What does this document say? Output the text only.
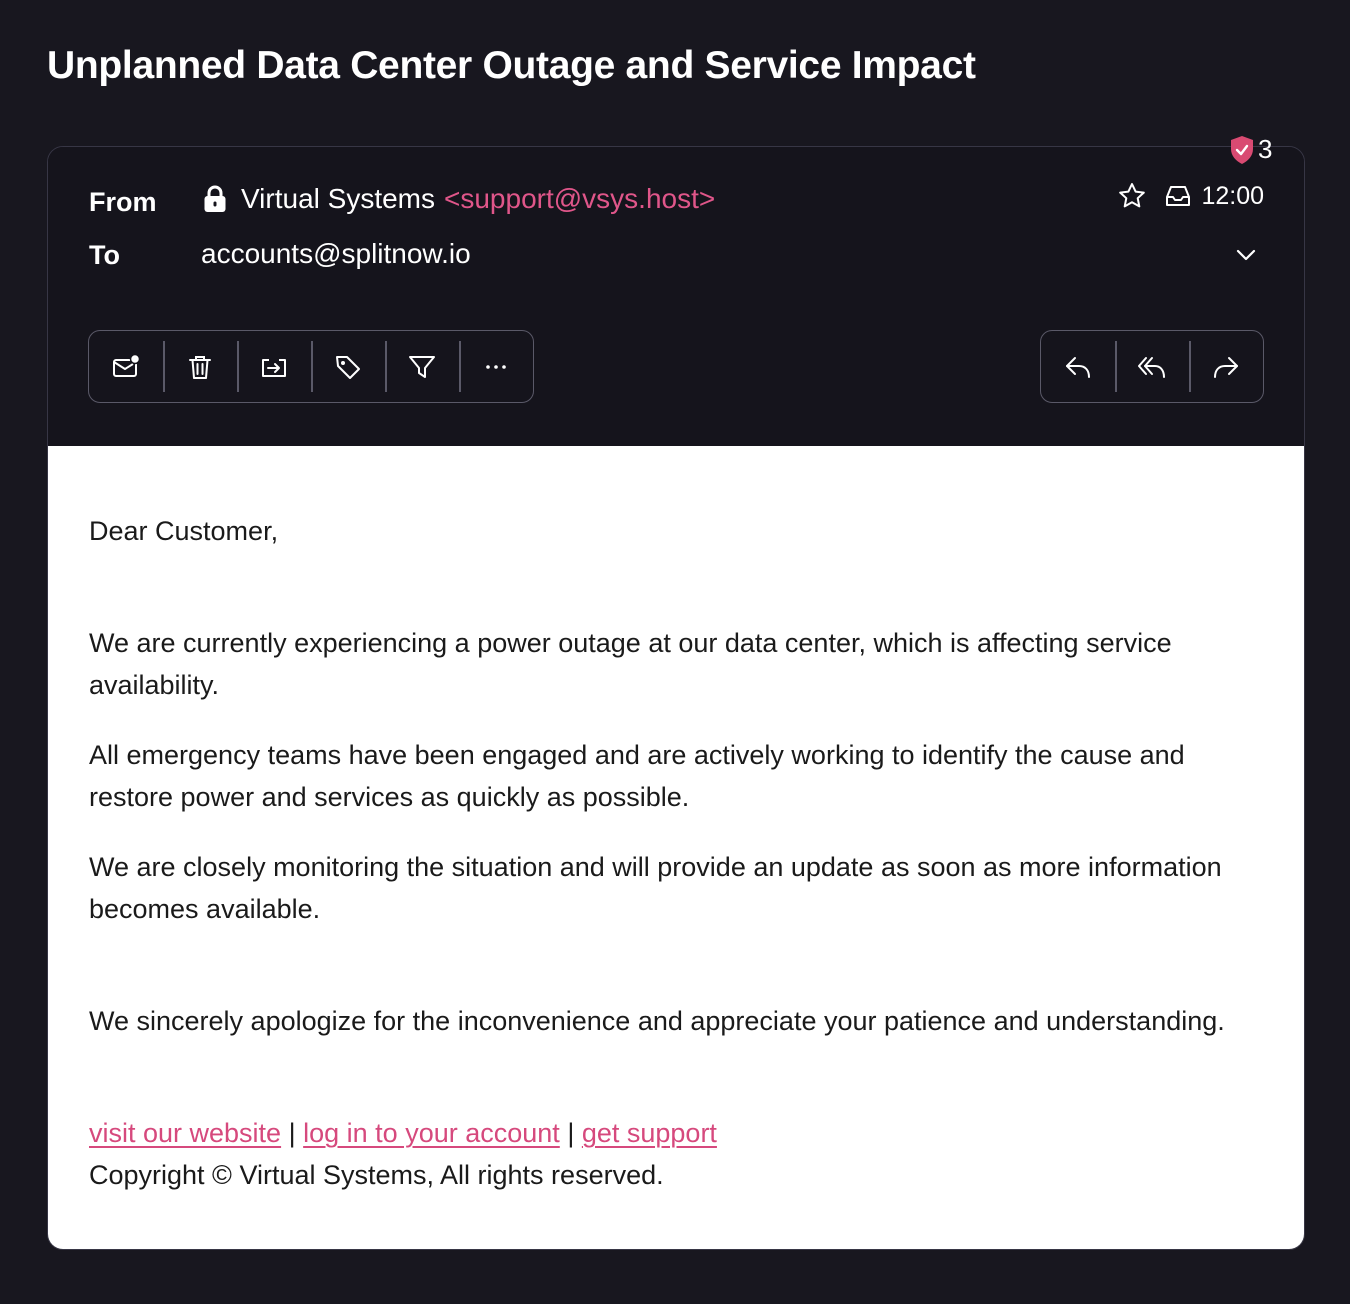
Unplanned Data Center Outage and Service Impact
3
From	Virtual Systems <support@vsys.host>
To	accounts@splitnow.io
12:00

Dear Customer,

We are currently experiencing a power outage at our data center, which is affecting service availability.

All emergency teams have been engaged and are actively working to identify the cause and restore power and services as quickly as possible.

We are closely monitoring the situation and will provide an update as soon as more information becomes available.

We sincerely apologize for the inconvenience and appreciate your patience and understanding.

visit our website | log in to your account | get support

Copyright © Virtual Systems, All rights reserved.
